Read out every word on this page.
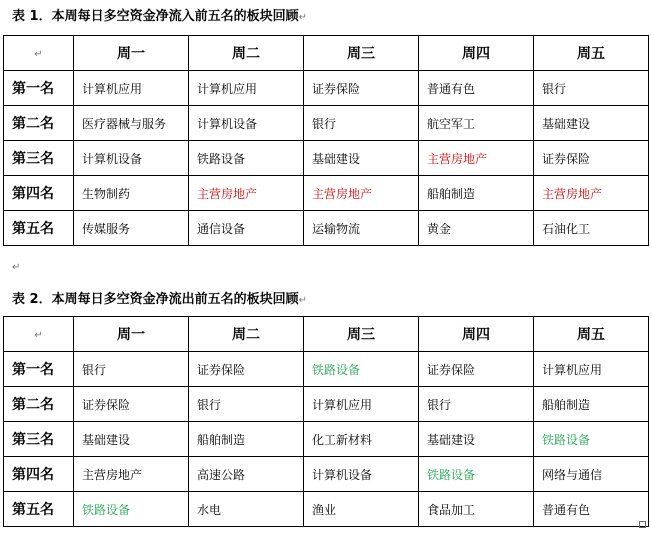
表 1．本周每日多空资金净流入前五名的板块回顾↵
↵	周一	周二	周三	周四	周五
第一名	计算机应用	计算机应用	证券保险	普通有色	银行
第二名	医疗器械与服务	计算机设备	银行	航空军工	基础建设
第三名	计算机设备	铁路设备	基础建设	主营房地产	证券保险
第四名	生物制药	主营房地产	主营房地产	船舶制造	主营房地产
第五名	传媒服务	通信设备	运输物流	黄金	石油化工
↵
表 2．本周每日多空资金净流出前五名的板块回顾↵
↵	周一	周二	周三	周四	周五
第一名	银行	证券保险	铁路设备	证券保险	计算机应用
第二名	证券保险	银行	计算机应用	银行	船舶制造
第三名	基础建设	船舶制造	化工新材料	基础建设	铁路设备
第四名	主营房地产	高速公路	计算机设备	铁路设备	网络与通信
第五名	铁路设备	水电	渔业	食品加工	普通有色
